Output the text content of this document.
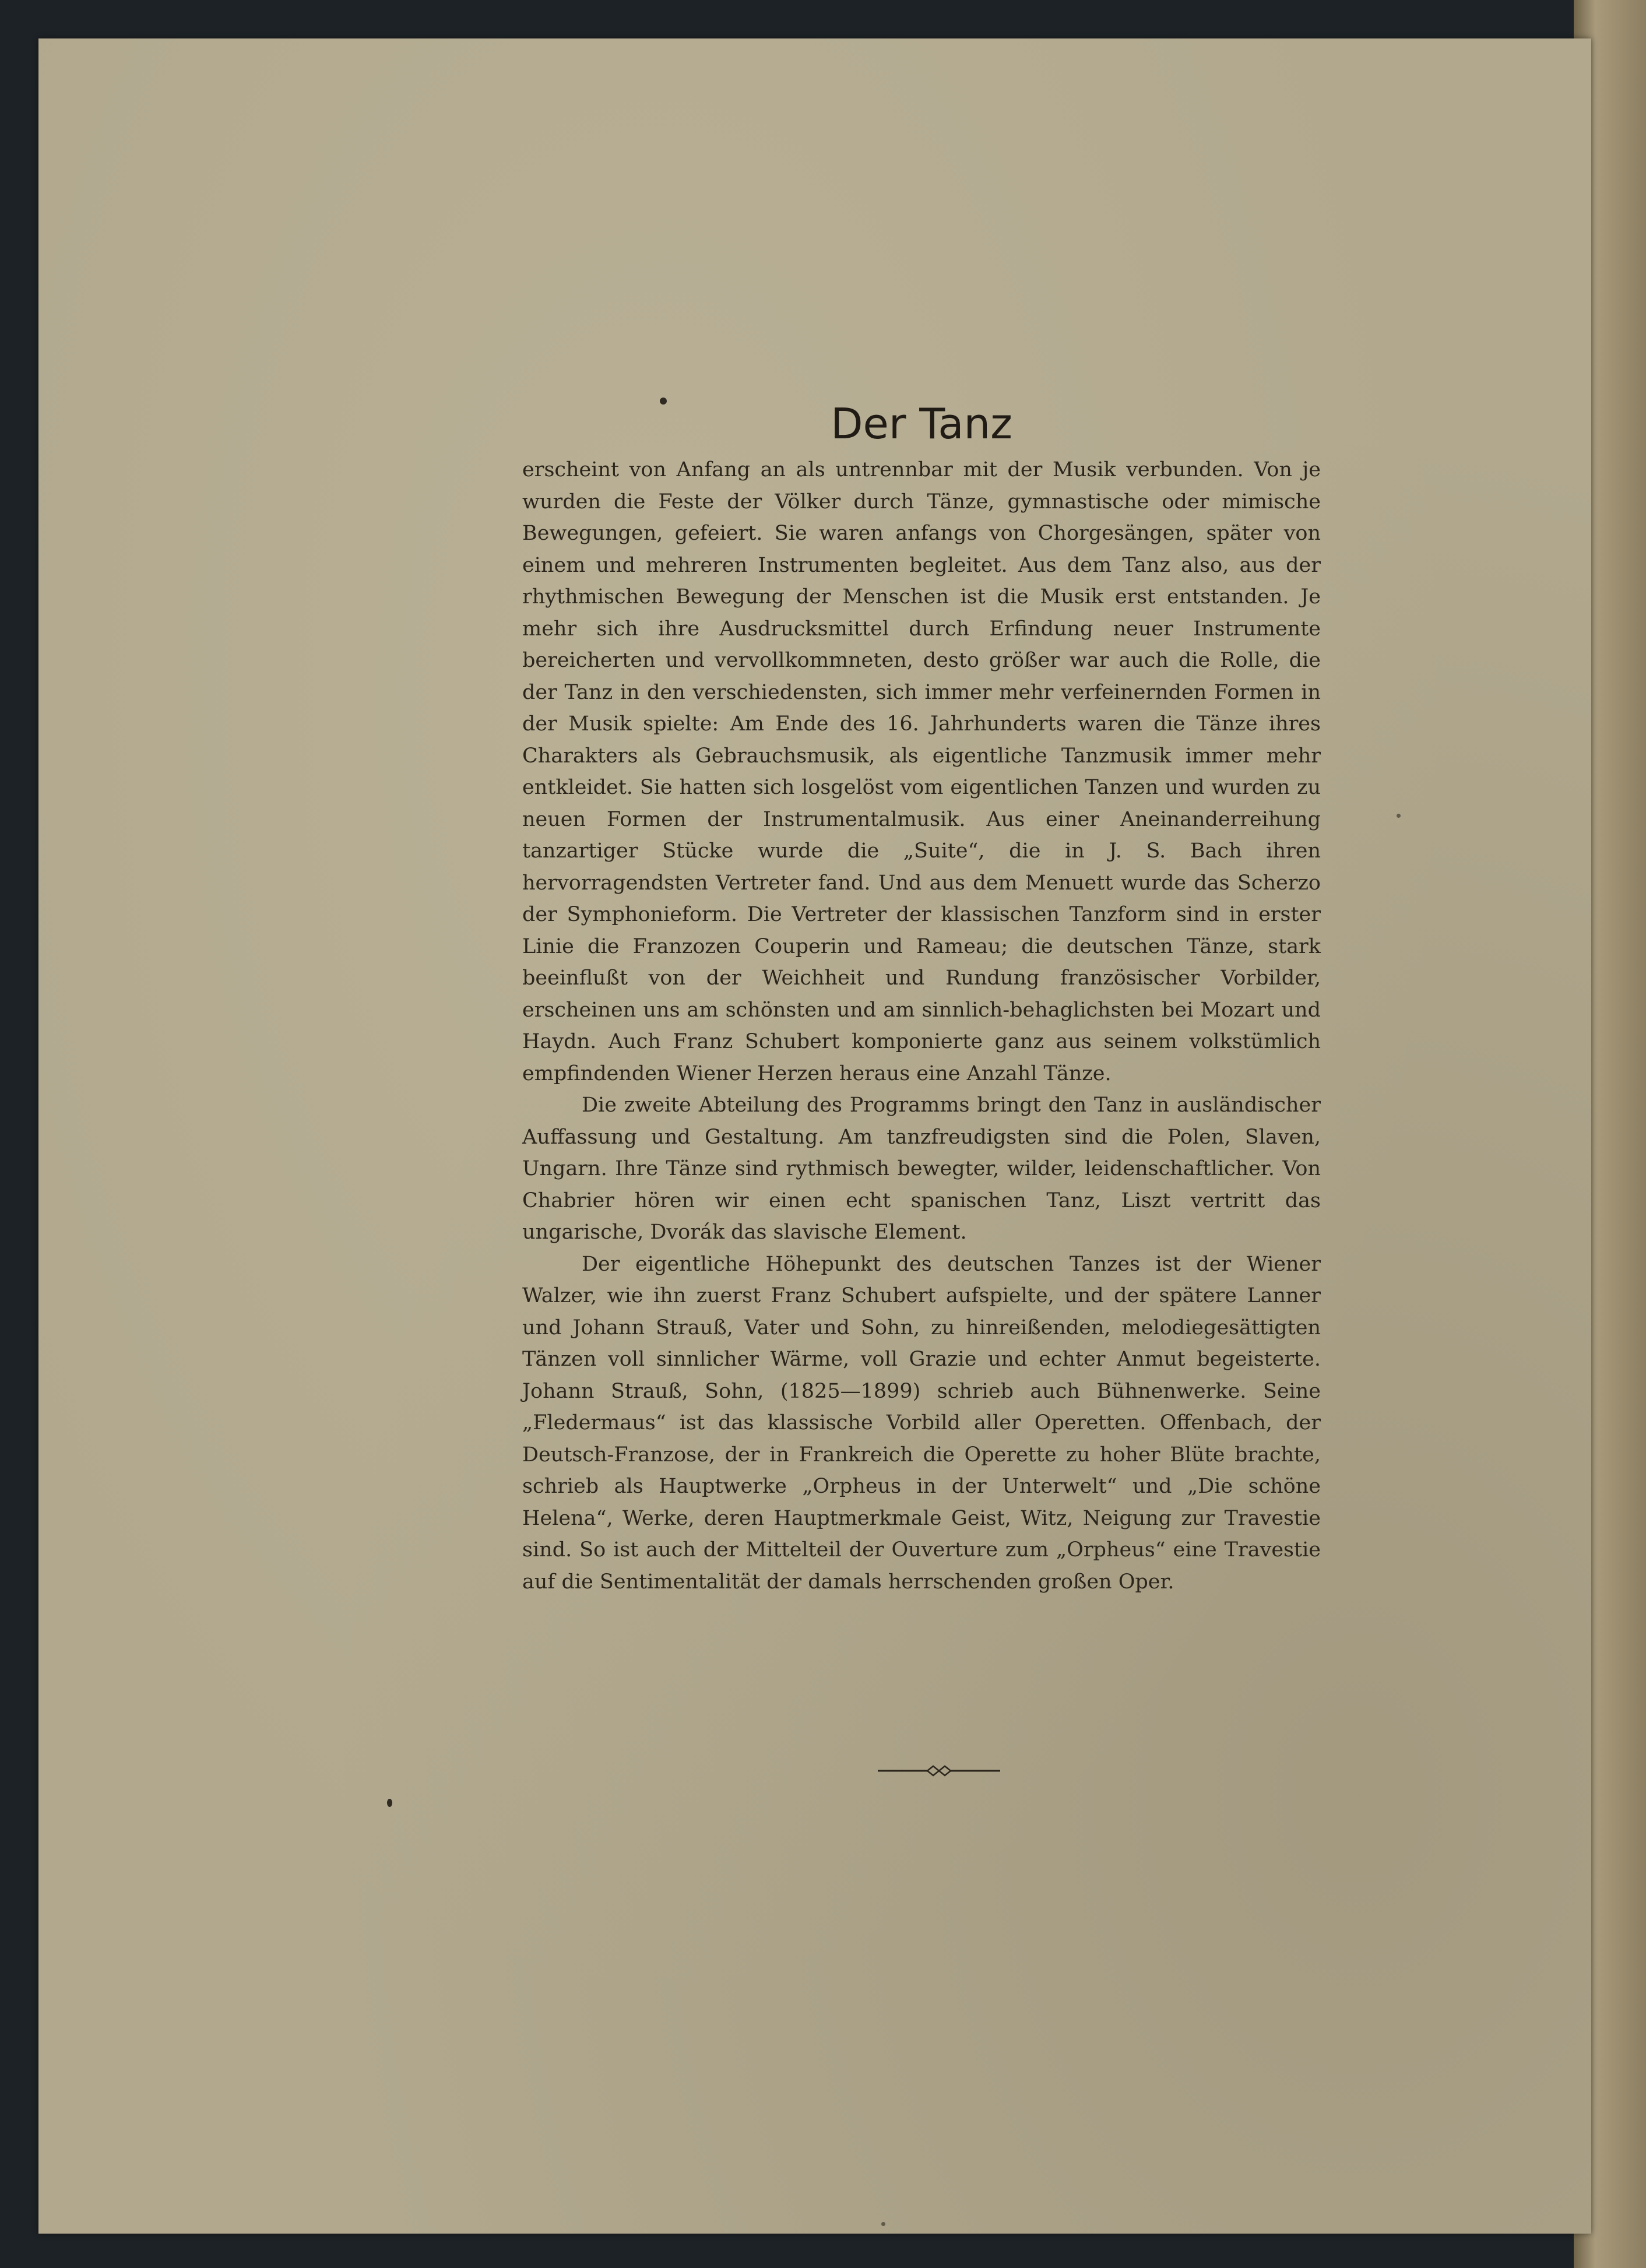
Der Tanz

erscheint von Anfang an als untrennbar mit der Musik verbunden. Von je wurden die Feste der Völker durch Tänze, gymnastische oder mimische Bewegungen, gefeiert. Sie waren anfangs von Chorgesängen, später von einem und mehreren Instrumenten begleitet. Aus dem Tanz also, aus der rhythmischen Bewegung der Menschen ist die Musik erst entstanden. Je mehr sich ihre Ausdrucksmittel durch Erfindung neuer Instrumente bereicherten und vervollkommneten, desto größer war auch die Rolle, die der Tanz in den verschiedensten, sich immer mehr verfeinernden Formen in der Musik spielte: Am Ende des 16. Jahrhunderts waren die Tänze ihres Charakters als Gebrauchsmusik, als eigentliche Tanzmusik immer mehr entkleidet. Sie hatten sich losgelöst vom eigentlichen Tanzen und wurden zu neuen Formen der Instrumentalmusik. Aus einer Aneinanderreihung tanzartiger Stücke wurde die „Suite“, die in J. S. Bach ihren hervorragendsten Vertreter fand. Und aus dem Menuett wurde das Scherzo der Symphonieform. Die Vertreter der klassischen Tanzform sind in erster Linie die Franzozen Couperin und Rameau; die deutschen Tänze, stark beeinflußt von der Weichheit und Rundung französischer Vorbilder, erscheinen uns am schönsten und am sinnlich-behaglichsten bei Mozart und Haydn. Auch Franz Schubert komponierte ganz aus seinem volkstümlich empfindenden Wiener Herzen heraus eine Anzahl Tänze.

Die zweite Abteilung des Programms bringt den Tanz in ausländischer Auffassung und Gestaltung. Am tanzfreudigsten sind die Polen, Slaven, Ungarn. Ihre Tänze sind rythmisch bewegter, wilder, leidenschaftlicher. Von Chabrier hören wir einen echt spanischen Tanz, Liszt vertritt das ungarische, Dvorák das slavische Element.

Der eigentliche Höhepunkt des deutschen Tanzes ist der Wiener Walzer, wie ihn zuerst Franz Schubert aufspielte, und der spätere Lanner und Johann Strauß, Vater und Sohn, zu hinreißenden, melodiegesättigten Tänzen voll sinnlicher Wärme, voll Grazie und echter Anmut begeisterte. Johann Strauß, Sohn, (1825—1899) schrieb auch Bühnenwerke. Seine „Fledermaus“ ist das klassische Vorbild aller Operetten. Offenbach, der Deutsch-Franzose, der in Frankreich die Operette zu hoher Blüte brachte, schrieb als Hauptwerke „Orpheus in der Unterwelt“ und „Die schöne Helena“, Werke, deren Hauptmerkmale Geist, Witz, Neigung zur Travestie sind. So ist auch der Mittelteil der Ouverture zum „Orpheus“ eine Travestie auf die Sentimentalität der damals herrschenden großen Oper.
